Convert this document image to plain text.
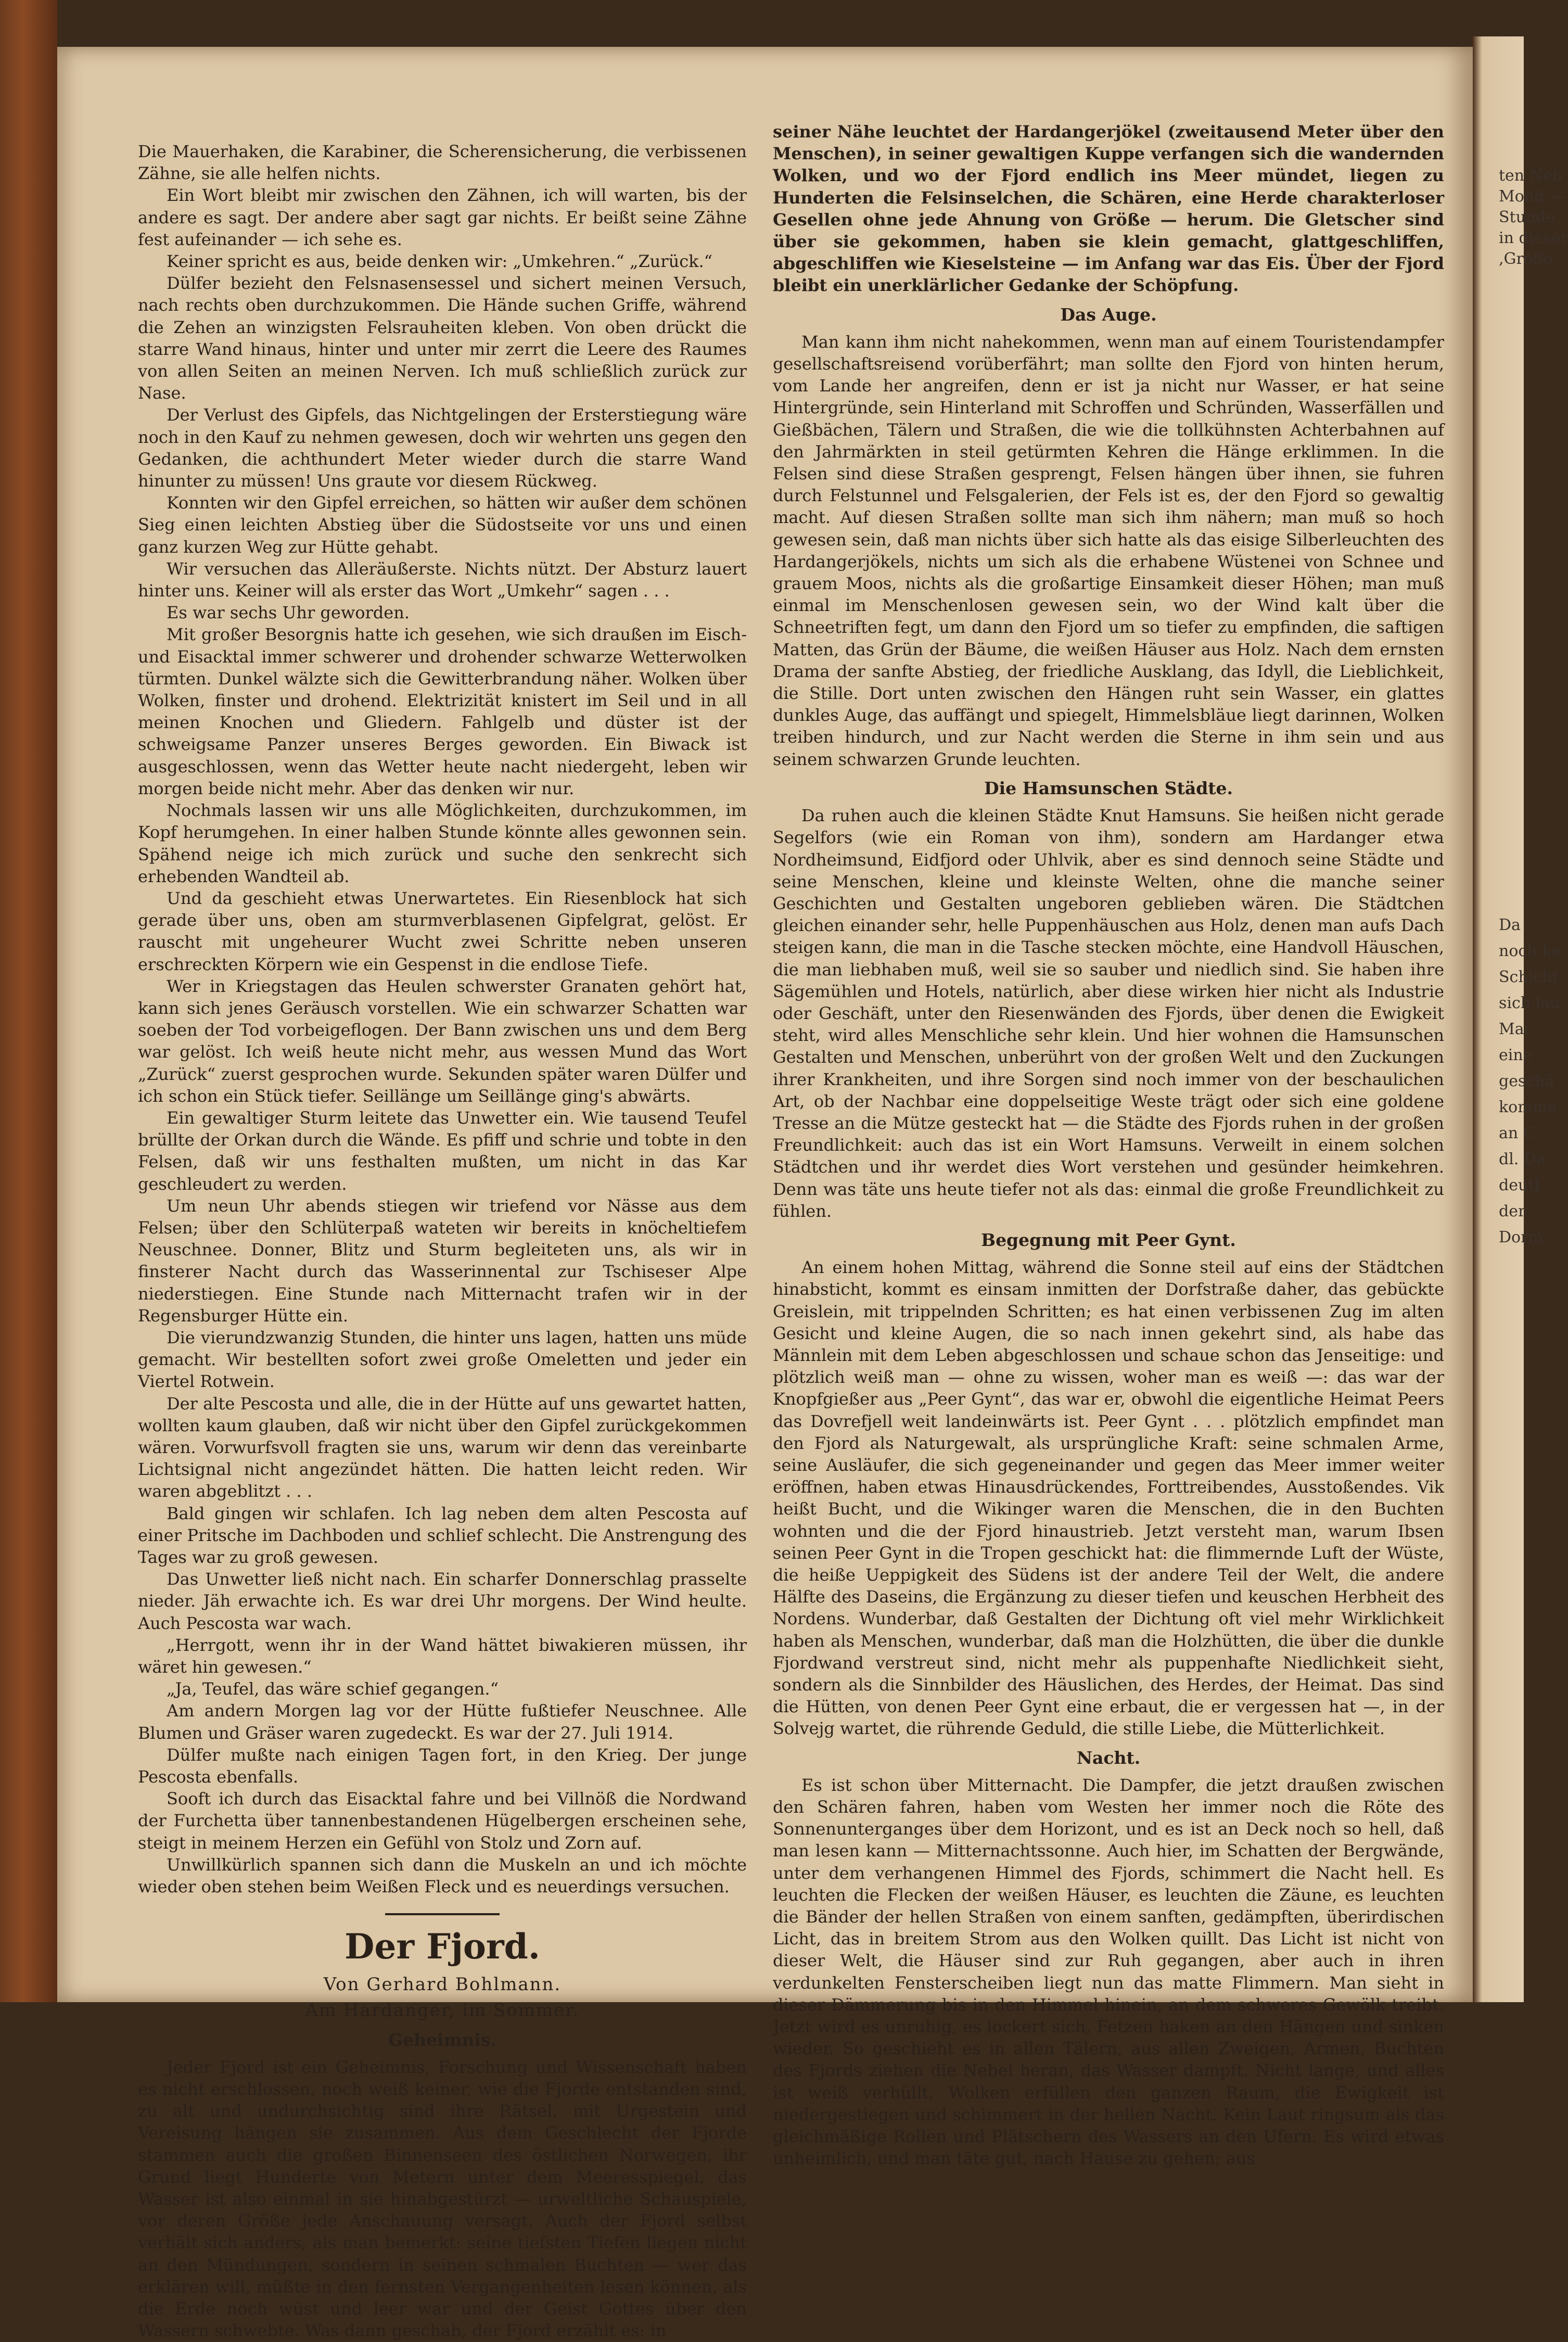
ten Neb
Mond —
Stunde
in dieser
,Größe
Da
noch ke
Schicht
sich lau
Mai
eine
geschä
komme
an C
dl. Da
deutl
der
Dorm

Die Mauerhaken, die Karabiner, die Scherensicherung, die verbissenen Zähne, sie alle helfen nichts.

Ein Wort bleibt mir zwischen den Zähnen, ich will warten, bis der andere es sagt. Der andere aber sagt gar nichts. Er beißt seine Zähne fest aufeinander — ich sehe es.

Keiner spricht es aus, beide denken wir: „Umkehren.“ „Zurück.“

Dülfer bezieht den Felsnasensessel und sichert meinen Versuch, nach rechts oben durchzukommen. Die Hände suchen Griffe, während die Zehen an winzigsten Felsrauheiten kleben. Von oben drückt die starre Wand hinaus, hinter und unter mir zerrt die Leere des Raumes von allen Seiten an meinen Nerven. Ich muß schließlich zurück zur Nase.

Der Verlust des Gipfels, das Nichtgelingen der Ersterstiegung wäre noch in den Kauf zu nehmen gewesen, doch wir wehrten uns gegen den Gedanken, die achthundert Meter wieder durch die starre Wand hinunter zu müssen! Uns graute vor diesem Rückweg.

Konnten wir den Gipfel erreichen, so hätten wir außer dem schönen Sieg einen leichten Abstieg über die Südostseite vor uns und einen ganz kurzen Weg zur Hütte gehabt.

Wir versuchen das Alleräußerste. Nichts nützt. Der Absturz lauert hinter uns. Keiner will als erster das Wort „Umkehr“ sagen . . .

Es war sechs Uhr geworden.

Mit großer Besorgnis hatte ich gesehen, wie sich draußen im Eisch- und Eisacktal immer schwerer und drohender schwarze Wetterwolken türmten. Dunkel wälzte sich die Gewitterbrandung näher. Wolken über Wolken, finster und drohend. Elektrizität knistert im Seil und in all meinen Knochen und Gliedern. Fahlgelb und düster ist der schweigsame Panzer unseres Berges geworden. Ein Biwack ist ausgeschlossen, wenn das Wetter heute nacht niedergeht, leben wir morgen beide nicht mehr. Aber das denken wir nur.

Nochmals lassen wir uns alle Möglichkeiten, durchzukommen, im Kopf herumgehen. In einer halben Stunde könnte alles gewonnen sein. Spähend neige ich mich zurück und suche den senkrecht sich erhebenden Wandteil ab.

Und da geschieht etwas Unerwartetes. Ein Riesenblock hat sich gerade über uns, oben am sturmverblasenen Gipfelgrat, gelöst. Er rauscht mit ungeheurer Wucht zwei Schritte neben unseren erschreckten Körpern wie ein Gespenst in die endlose Tiefe.

Wer in Kriegstagen das Heulen schwerster Granaten gehört hat, kann sich jenes Geräusch vorstellen. Wie ein schwarzer Schatten war soeben der Tod vorbeigeflogen. Der Bann zwischen uns und dem Berg war gelöst. Ich weiß heute nicht mehr, aus wessen Mund das Wort „Zurück“ zuerst gesprochen wurde. Sekunden später waren Dülfer und ich schon ein Stück tiefer. Seillänge um Seillänge ging's abwärts.

Ein gewaltiger Sturm leitete das Unwetter ein. Wie tausend Teufel brüllte der Orkan durch die Wände. Es pfiff und schrie und tobte in den Felsen, daß wir uns festhalten mußten, um nicht in das Kar geschleudert zu werden.

Um neun Uhr abends stiegen wir triefend vor Nässe aus dem Felsen; über den Schlüterpaß wateten wir bereits in knöcheltiefem Neuschnee. Donner, Blitz und Sturm begleiteten uns, als wir in finsterer Nacht durch das Wasserinnental zur Tschiseser Alpe niederstiegen. Eine Stunde nach Mitternacht trafen wir in der Regensburger Hütte ein.

Die vierundzwanzig Stunden, die hinter uns lagen, hatten uns müde gemacht. Wir bestellten sofort zwei große Omeletten und jeder ein Viertel Rotwein.

Der alte Pescosta und alle, die in der Hütte auf uns gewartet hatten, wollten kaum glauben, daß wir nicht über den Gipfel zurückgekommen wären. Vorwurfsvoll fragten sie uns, warum wir denn das vereinbarte Lichtsignal nicht angezündet hätten. Die hatten leicht reden. Wir waren abgeblitzt . . .

Bald gingen wir schlafen. Ich lag neben dem alten Pescosta auf einer Pritsche im Dachboden und schlief schlecht. Die Anstrengung des Tages war zu groß gewesen.

Das Unwetter ließ nicht nach. Ein scharfer Donnerschlag prasselte nieder. Jäh erwachte ich. Es war drei Uhr morgens. Der Wind heulte. Auch Pescosta war wach.

„Herrgott, wenn ihr in der Wand hättet biwakieren müssen, ihr wäret hin gewesen.“

„Ja, Teufel, das wäre schief gegangen.“

Am andern Morgen lag vor der Hütte fußtiefer Neuschnee. Alle Blumen und Gräser waren zugedeckt. Es war der 27. Juli 1914.

Dülfer mußte nach einigen Tagen fort, in den Krieg. Der junge Pescosta ebenfalls.

Sooft ich durch das Eisacktal fahre und bei Villnöß die Nordwand der Furchetta über tannenbestandenen Hügelbergen erscheinen sehe, steigt in meinem Herzen ein Gefühl von Stolz und Zorn auf.

Unwillkürlich spannen sich dann die Muskeln an und ich möchte wieder oben stehen beim Weißen Fleck und es neuerdings versuchen.

Der Fjord.
Von Gerhard Bohlmann.
Am Hardanger, im Sommer.
Geheimnis.

Jeder Fjord ist ein Geheimnis, Forschung und Wissenschaft haben es nicht erschlossen, noch weiß keiner, wie die Fjorde entstanden sind, zu alt und undurchsichtig sind ihre Rätsel, mit Urgestein und Vereisung hängen sie zusammen. Aus dem Geschlecht der Fjorde stammen auch die großen Binnenseen des östlichen Norwegen, ihr Grund liegt Hunderte von Metern unter dem Meeresspiegel, das Wasser ist also einmal in sie hinabgestürzt — urweltliche Schauspiele, vor deren Größe jede Anschauung versagt. Auch der Fjord selbst verhält sich anders, als man bemerkt: seine tiefsten Tiefen liegen nicht an den Mündungen, sondern in seinen schmalen Buchten — wer das erklären will, müßte in den fernsten Vergangenheiten lesen können, als die Erde noch wüst und leer war und der Geist Gottes über den Wassern schwebte. Was dann geschah, der Fjord erzählt es: in

seiner Nähe leuchtet der Hardangerjökel (zweitausend Meter über den Menschen), in seiner gewaltigen Kuppe verfangen sich die wandernden Wolken, und wo der Fjord endlich ins Meer mündet, liegen zu Hunderten die Felsinselchen, die Schären, eine Herde charakterloser Gesellen ohne jede Ahnung von Größe — herum. Die Gletscher sind über sie gekommen, haben sie klein gemacht, glattgeschliffen, abgeschliffen wie Kieselsteine — im Anfang war das Eis. Über der Fjord bleibt ein unerklärlicher Gedanke der Schöpfung.

Das Auge.

Man kann ihm nicht nahekommen, wenn man auf einem Touristendampfer gesellschaftsreisend vorüberfährt; man sollte den Fjord von hinten herum, vom Lande her angreifen, denn er ist ja nicht nur Wasser, er hat seine Hintergründe, sein Hinterland mit Schroffen und Schründen, Wasserfällen und Gießbächen, Tälern und Straßen, die wie die tollkühnsten Achterbahnen auf den Jahrmärkten in steil getürmten Kehren die Hänge erklimmen. In die Felsen sind diese Straßen gesprengt, Felsen hängen über ihnen, sie fuhren durch Felstunnel und Felsgalerien, der Fels ist es, der den Fjord so gewaltig macht. Auf diesen Straßen sollte man sich ihm nähern; man muß so hoch gewesen sein, daß man nichts über sich hatte als das eisige Silberleuchten des Hardangerjökels, nichts um sich als die erhabene Wüstenei von Schnee und grauem Moos, nichts als die großartige Einsamkeit dieser Höhen; man muß einmal im Menschenlosen gewesen sein, wo der Wind kalt über die Schneetriften fegt, um dann den Fjord um so tiefer zu empfinden, die saftigen Matten, das Grün der Bäume, die weißen Häuser aus Holz. Nach dem ernsten Drama der sanfte Abstieg, der friedliche Ausklang, das Idyll, die Lieblichkeit, die Stille. Dort unten zwischen den Hängen ruht sein Wasser, ein glattes dunkles Auge, das auffängt und spiegelt, Himmelsbläue liegt darinnen, Wolken treiben hindurch, und zur Nacht werden die Sterne in ihm sein und aus seinem schwarzen Grunde leuchten.

Die Hamsunschen Städte.

Da ruhen auch die kleinen Städte Knut Hamsuns. Sie heißen nicht gerade Segelfors (wie ein Roman von ihm), sondern am Hardanger etwa Nordheimsund, Eidfjord oder Uhlvik, aber es sind dennoch seine Städte und seine Menschen, kleine und kleinste Welten, ohne die manche seiner Geschichten und Gestalten ungeboren geblieben wären. Die Städtchen gleichen einander sehr, helle Puppenhäuschen aus Holz, denen man aufs Dach steigen kann, die man in die Tasche stecken möchte, eine Handvoll Häuschen, die man liebhaben muß, weil sie so sauber und niedlich sind. Sie haben ihre Sägemühlen und Hotels, natürlich, aber diese wirken hier nicht als Industrie oder Geschäft, unter den Riesenwänden des Fjords, über denen die Ewigkeit steht, wird alles Menschliche sehr klein. Und hier wohnen die Hamsunschen Gestalten und Menschen, unberührt von der großen Welt und den Zuckungen ihrer Krankheiten, und ihre Sorgen sind noch immer von der beschaulichen Art, ob der Nachbar eine doppelseitige Weste trägt oder sich eine goldene Tresse an die Mütze gesteckt hat — die Städte des Fjords ruhen in der großen Freundlichkeit: auch das ist ein Wort Hamsuns. Verweilt in einem solchen Städtchen und ihr werdet dies Wort verstehen und gesünder heimkehren. Denn was täte uns heute tiefer not als das: einmal die große Freundlichkeit zu fühlen.

Begegnung mit Peer Gynt.

An einem hohen Mittag, während die Sonne steil auf eins der Städtchen hinabsticht, kommt es einsam inmitten der Dorfstraße daher, das gebückte Greislein, mit trippelnden Schritten; es hat einen verbissenen Zug im alten Gesicht und kleine Augen, die so nach innen gekehrt sind, als habe das Männlein mit dem Leben abgeschlossen und schaue schon das Jenseitige: und plötzlich weiß man — ohne zu wissen, woher man es weiß —: das war der Knopfgießer aus „Peer Gynt“, das war er, obwohl die eigentliche Heimat Peers das Dovrefjell weit landeinwärts ist. Peer Gynt . . . plötzlich empfindet man den Fjord als Naturgewalt, als ursprüngliche Kraft: seine schmalen Arme, seine Ausläufer, die sich gegeneinander und gegen das Meer immer weiter eröffnen, haben etwas Hinausdrückendes, Forttreibendes, Ausstoßendes. Vik heißt Bucht, und die Wikinger waren die Menschen, die in den Buchten wohnten und die der Fjord hinaustrieb. Jetzt versteht man, warum Ibsen seinen Peer Gynt in die Tropen geschickt hat: die flimmernde Luft der Wüste, die heiße Ueppigkeit des Südens ist der andere Teil der Welt, die andere Hälfte des Daseins, die Ergänzung zu dieser tiefen und keuschen Herbheit des Nordens. Wunderbar, daß Gestalten der Dichtung oft viel mehr Wirklichkeit haben als Menschen, wunderbar, daß man die Holzhütten, die über die dunkle Fjordwand verstreut sind, nicht mehr als puppenhafte Niedlichkeit sieht, sondern als die Sinnbilder des Häuslichen, des Herdes, der Heimat. Das sind die Hütten, von denen Peer Gynt eine erbaut, die er vergessen hat —, in der Solvejg wartet, die rührende Geduld, die stille Liebe, die Mütterlichkeit.

Nacht.

Es ist schon über Mitternacht. Die Dampfer, die jetzt draußen zwischen den Schären fahren, haben vom Westen her immer noch die Röte des Sonnenunterganges über dem Horizont, und es ist an Deck noch so hell, daß man lesen kann — Mitternachtssonne. Auch hier, im Schatten der Bergwände, unter dem verhangenen Himmel des Fjords, schimmert die Nacht hell. Es leuchten die Flecken der weißen Häuser, es leuchten die Zäune, es leuchten die Bänder der hellen Straßen von einem sanften, gedämpften, überirdischen Licht, das in breitem Strom aus den Wolken quillt. Das Licht ist nicht von dieser Welt, die Häuser sind zur Ruh gegangen, aber auch in ihren verdunkelten Fensterscheiben liegt nun das matte Flimmern. Man sieht in dieser Dämmerung bis in den Himmel hinein, an dem schweres Gewölk treibt. Jetzt wird es unruhig, es lockert sich, Fetzen haken an den Hängen und sinken wieder. So geschieht es in allen Tälern, aus allen Zweigen, Armen, Buchten des Fjords ziehen die Nebel heran, das Wasser dampft. Nicht lange, und alles ist weiß verhüllt, Wolken erfüllen den ganzen Raum, die Ewigkeit ist niedergestiegen und schimmert in der hellen Nacht. Kein Laut ringsum als das gleichmäßige Rollen und Plätschern des Wassers an den Ufern. Es wird etwas unheimlich, und man täte gut, nach Hause zu gehen; aus
